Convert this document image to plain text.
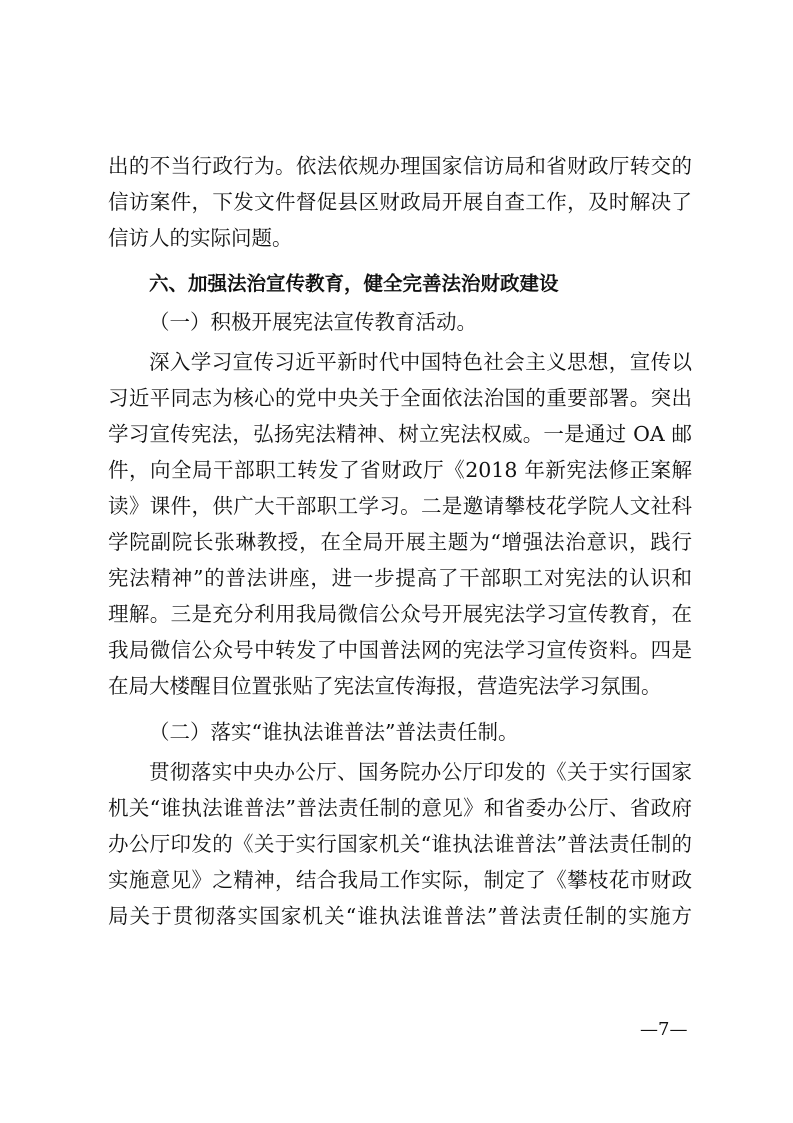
出的不当行政行为。依法依规办理国家信访局和省财政厅转交的
信访案件，下发文件督促县区财政局开展自查工作，及时解决了
信访人的实际问题。
六、加强法治宣传教育，健全完善法治财政建设
（一）积极开展宪法宣传教育活动。
深入学习宣传习近平新时代中国特色社会主义思想，宣传以
习近平同志为核心的党中央关于全面依法治国的重要部署。突出
学习宣传宪法，弘扬宪法精神、树立宪法权威。一是通过 OA 邮
件，向全局干部职工转发了省财政厅《2018 年新宪法修正案解
读》课件，供广大干部职工学习。二是邀请攀枝花学院人文社科
学院副院长张琳教授，在全局开展主题为“增强法治意识，践行
宪法精神”的普法讲座，进一步提高了干部职工对宪法的认识和
理解。三是充分利用我局微信公众号开展宪法学习宣传教育，在
我局微信公众号中转发了中国普法网的宪法学习宣传资料。四是
在局大楼醒目位置张贴了宪法宣传海报，营造宪法学习氛围。
（二）落实“谁执法谁普法”普法责任制。
贯彻落实中央办公厅、国务院办公厅印发的《关于实行国家
机关“谁执法谁普法”普法责任制的意见》和省委办公厅、省政府
办公厅印发的《关于实行国家机关“谁执法谁普法”普法责任制的
实施意见》之精神，结合我局工作实际，制定了《攀枝花市财政
局关于贯彻落实国家机关“谁执法谁普法”普法责任制的实施方
—7—
